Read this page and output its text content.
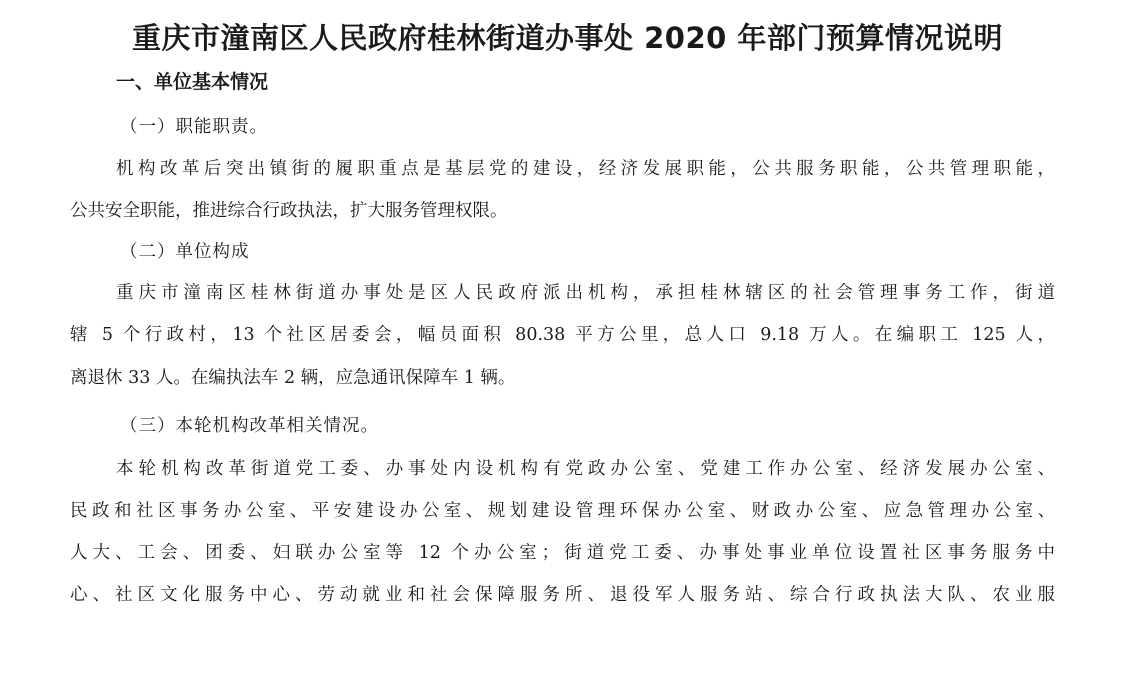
重庆市潼南区人民政府桂林街道办事处 2020 年部门预算情况说明
一、单位基本情况
（一）职能职责。
机构改革后突出镇街的履职重点是基层党的建设，经济发展职能，公共服务职能，公共管理职能，
公共安全职能，推进综合行政执法，扩大服务管理权限。
（二）单位构成
重庆市潼南区桂林街道办事处是区人民政府派出机构，承担桂林辖区的社会管理事务工作，街道
辖 5 个行政村，13 个社区居委会，幅员面积 80.38 平方公里，总人口 9.18 万人。在编职工 125 人，
离退休 33 人。在编执法车 2 辆，应急通讯保障车 1 辆。
（三）本轮机构改革相关情况。
本轮机构改革街道党工委、办事处内设机构有党政办公室、党建工作办公室、经济发展办公室、
民政和社区事务办公室、平安建设办公室、规划建设管理环保办公室、财政办公室、应急管理办公室、
人大、工会、团委、妇联办公室等 12 个办公室；街道党工委、办事处事业单位设置社区事务服务中
心、社区文化服务中心、劳动就业和社会保障服务所、退役军人服务站、综合行政执法大队、农业服
